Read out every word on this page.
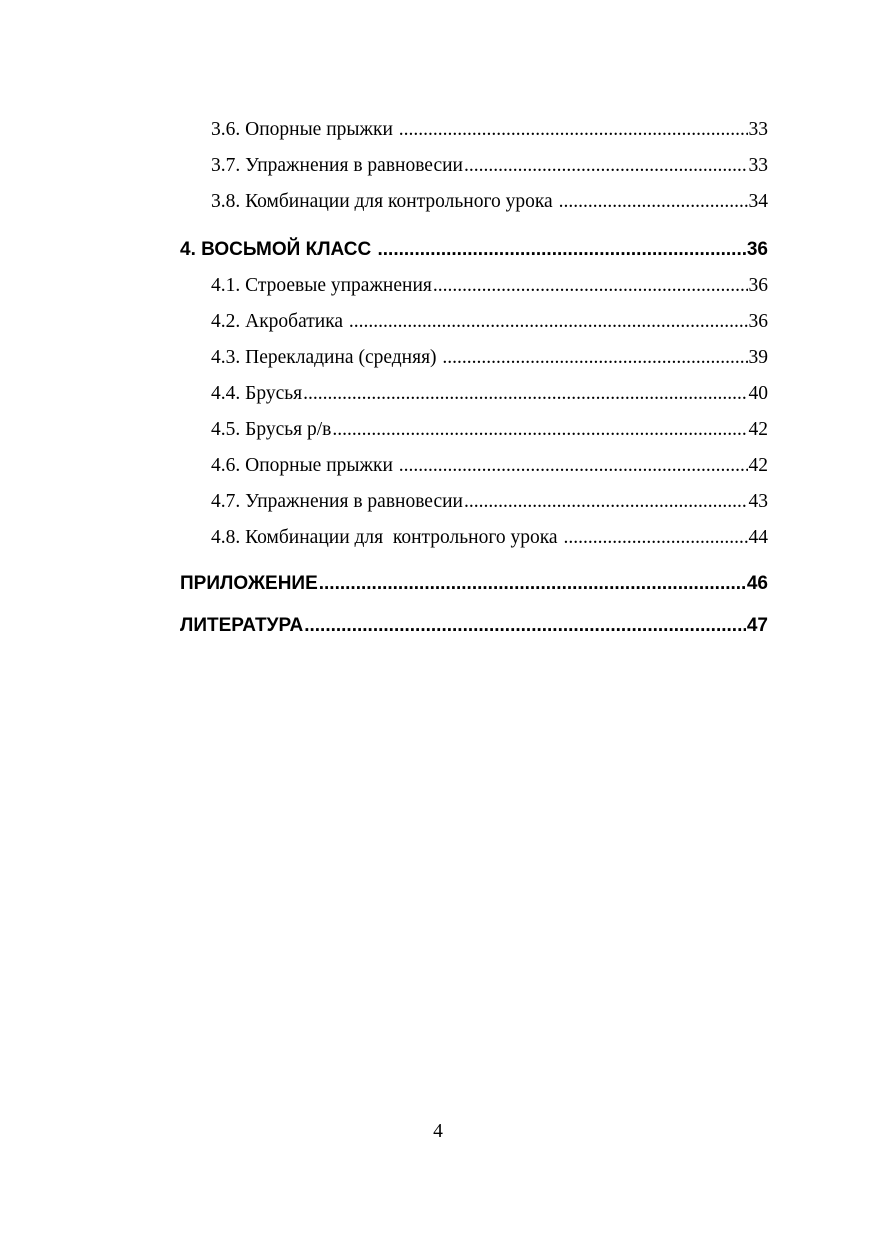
3.6. Опорные прыжки .....	33
3.7. Упражнения в равновесии .....	33
3.8. Комбинации для контрольного урока .....	34
4. ВОСЬМОЙ КЛАСС .....	36
4.1. Строевые упражнения .....	36
4.2. Акробатика .....	36
4.3. Перекладина (средняя) .....	39
4.4. Брусья .....	40
4.5. Брусья р/в .....	42
4.6. Опорные прыжки .....	42
4.7. Упражнения в равновесии .....	43
4.8. Комбинации для  контрольного урока .....	44
ПРИЛОЖЕНИЕ .....	46
ЛИТЕРАТУРА .....	47
4
